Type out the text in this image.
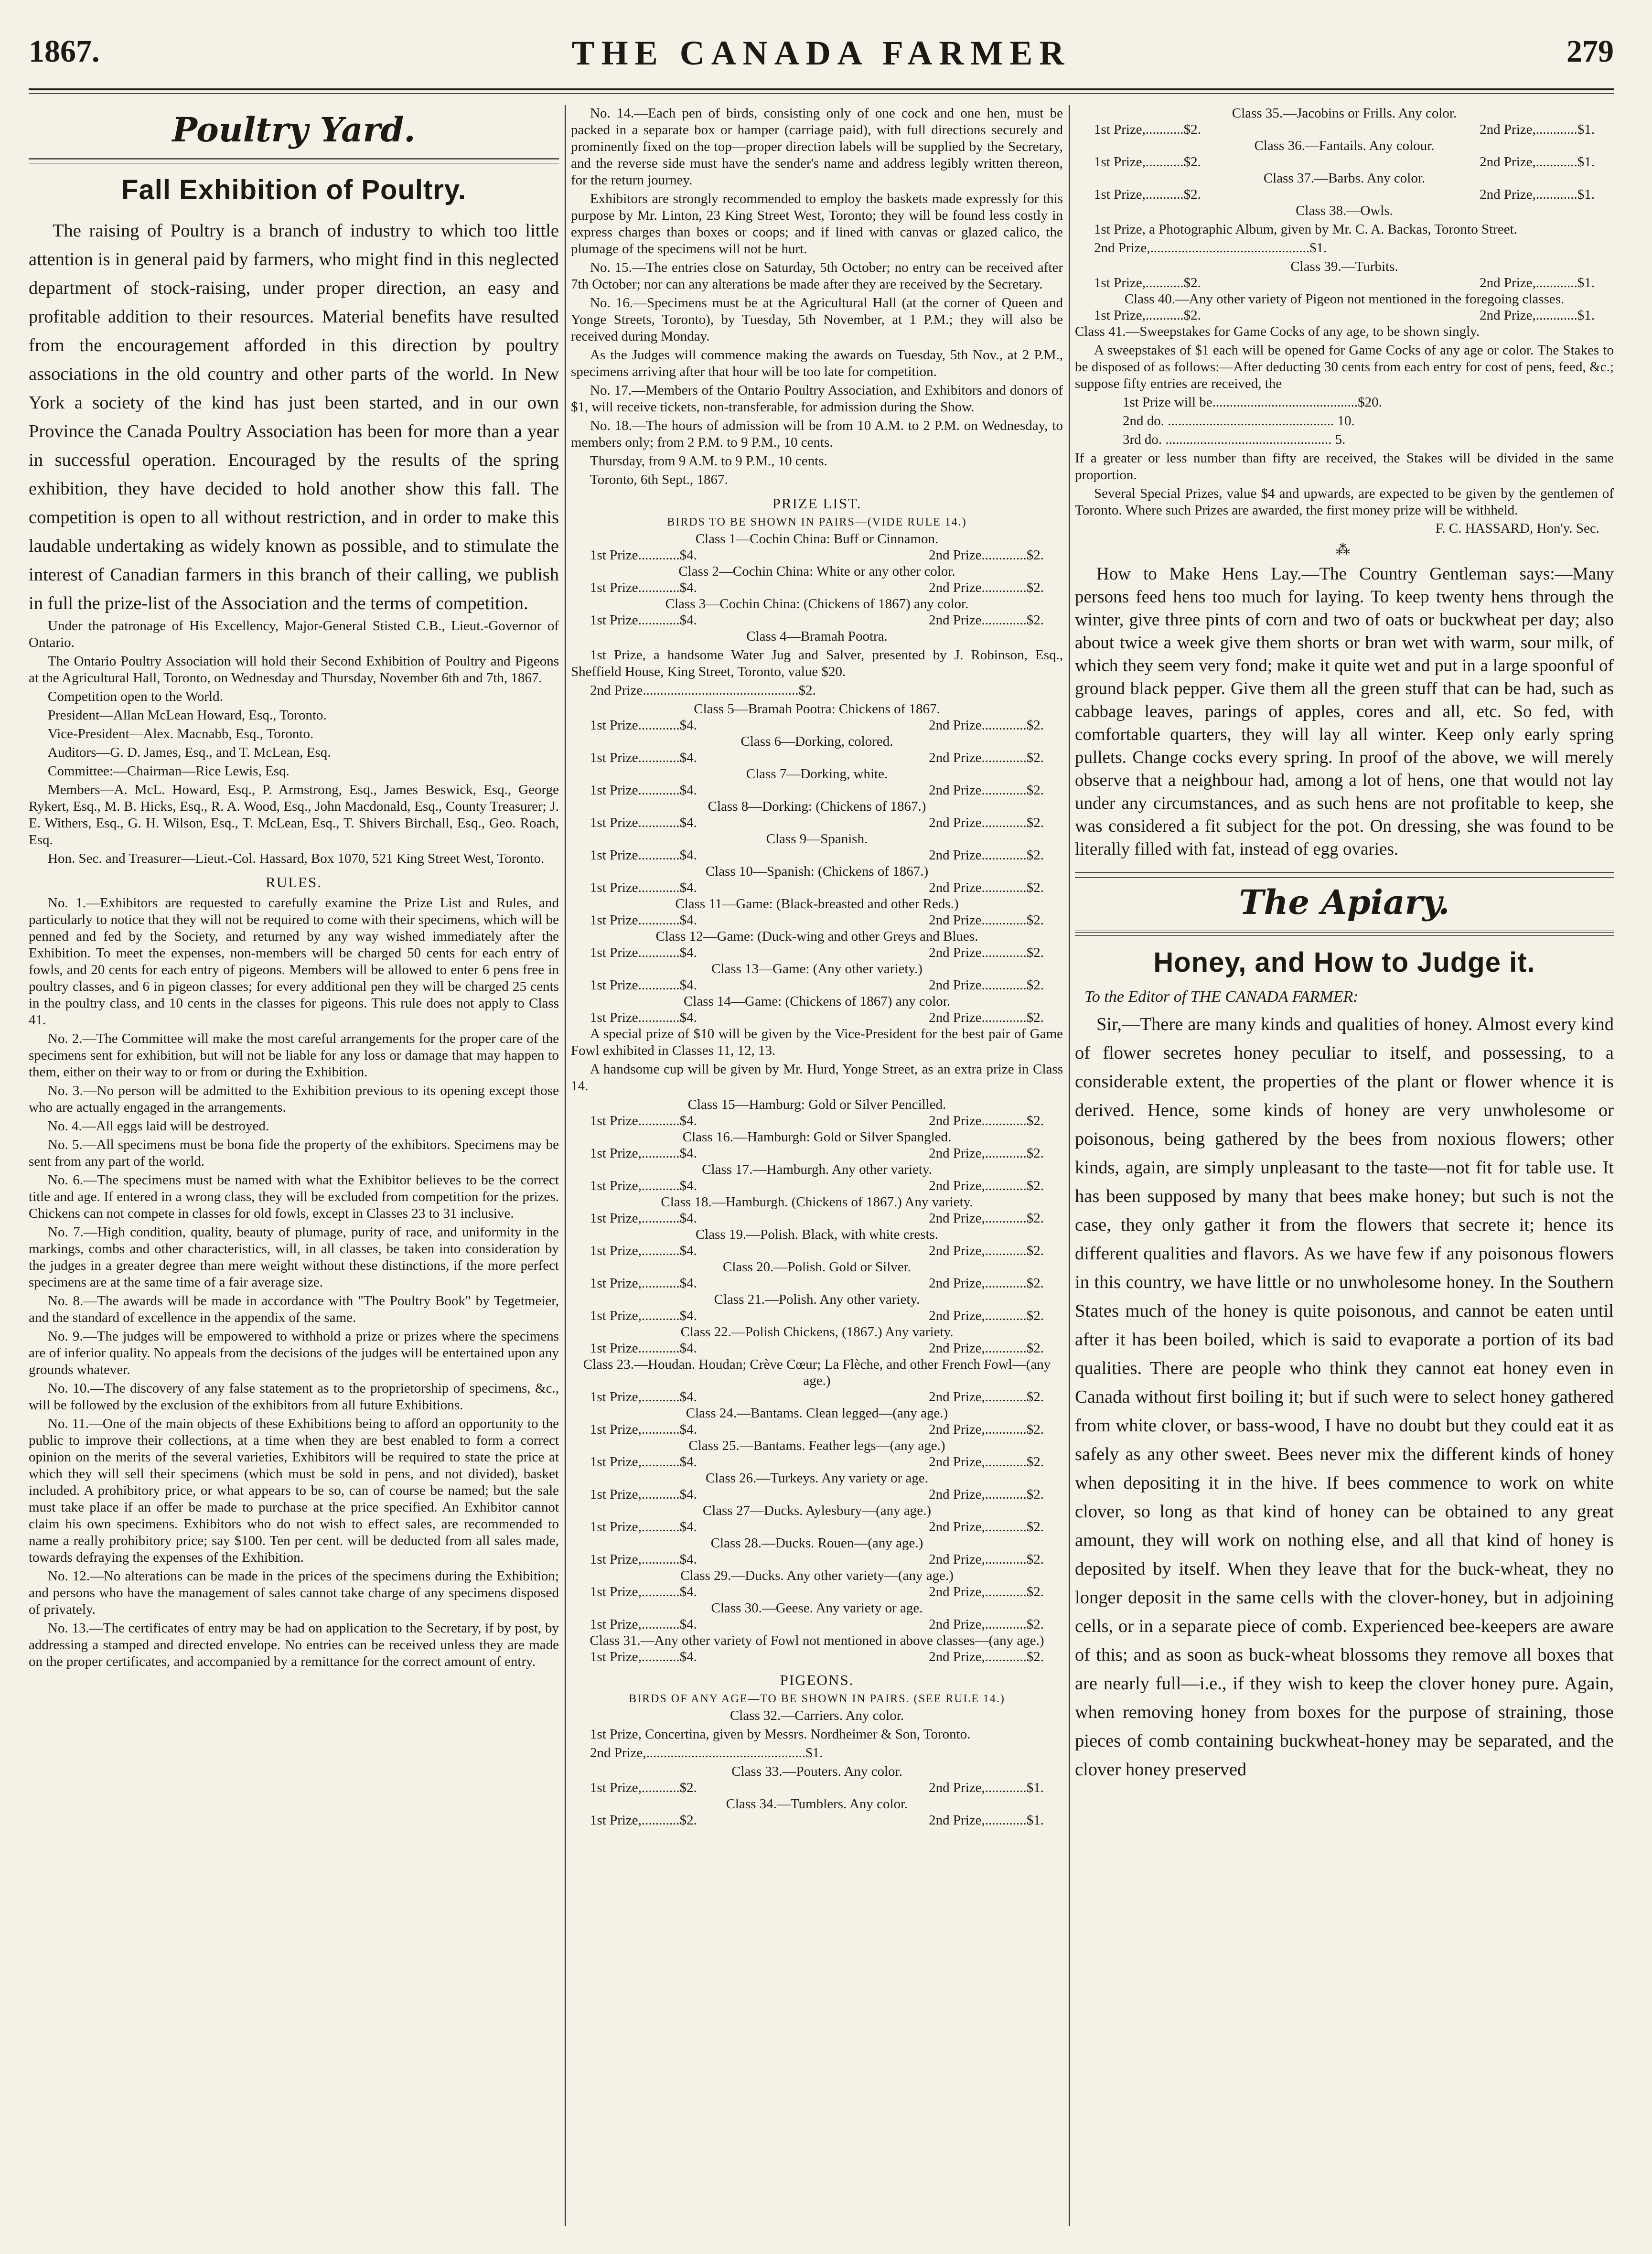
1867.	THE CANADA FARMER	279
Poultry Yard.
Fall Exhibition of Poultry.

The raising of Poultry is a branch of industry to which too little attention is in general paid by farmers, who might find in this neglected department of stock-raising, under proper direction, an easy and profitable addition to their resources. Material benefits have resulted from the encouragement afforded in this direction by poultry associations in the old country and other parts of the world. In New York a society of the kind has just been started, and in our own Province the Canada Poultry Association has been for more than a year in successful operation. Encouraged by the results of the spring exhibition, they have decided to hold another show this fall. The competition is open to all without restriction, and in order to make this laudable undertaking as widely known as possible, and to stimulate the interest of Canadian farmers in this branch of their calling, we publish in full the prize-list of the Association and the terms of competition.

Under the patronage of His Excellency, Major-General Stisted C.B., Lieut.-Governor of Ontario.

The Ontario Poultry Association will hold their Second Exhibition of Poultry and Pigeons at the Agricultural Hall, Toronto, on Wednesday and Thursday, November 6th and 7th, 1867.

Competition open to the World.

President—Allan McLean Howard, Esq., Toronto.

Vice-President—Alex. Macnabb, Esq., Toronto.

Auditors—G. D. James, Esq., and T. McLean, Esq.

Committee:—Chairman—Rice Lewis, Esq.

Members—A. McL. Howard, Esq., P. Armstrong, Esq., James Beswick, Esq., George Rykert, Esq., M. B. Hicks, Esq., R. A. Wood, Esq., John Macdonald, Esq., County Treasurer; J. E. Withers, Esq., G. H. Wilson, Esq., T. McLean, Esq., T. Shivers Birchall, Esq., Geo. Roach, Esq.

Hon. Sec. and Treasurer—Lieut.-Col. Hassard, Box 1070, 521 King Street West, Toronto.

RULES.

No. 1.—Exhibitors are requested to carefully examine the Prize List and Rules, and particularly to notice that they will not be required to come with their specimens, which will be penned and fed by the Society, and returned by any way wished immediately after the Exhibition. To meet the expenses, non-members will be charged 50 cents for each entry of fowls, and 20 cents for each entry of pigeons. Members will be allowed to enter 6 pens free in poultry classes, and 6 in pigeon classes; for every additional pen they will be charged 25 cents in the poultry class, and 10 cents in the classes for pigeons. This rule does not apply to Class 41.

No. 2.—The Committee will make the most careful arrangements for the proper care of the specimens sent for exhibition, but will not be liable for any loss or damage that may happen to them, either on their way to or from or during the Exhibition.

No. 3.—No person will be admitted to the Exhibition previous to its opening except those who are actually engaged in the arrangements.

No. 4.—All eggs laid will be destroyed.

No. 5.—All specimens must be bona fide the property of the exhibitors. Specimens may be sent from any part of the world.

No. 6.—The specimens must be named with what the Exhibitor believes to be the correct title and age. If entered in a wrong class, they will be excluded from competition for the prizes. Chickens can not compete in classes for old fowls, except in Classes 23 to 31 inclusive.

No. 7.—High condition, quality, beauty of plumage, purity of race, and uniformity in the markings, combs and other characteristics, will, in all classes, be taken into consideration by the judges in a greater degree than mere weight without these distinctions, if the more perfect specimens are at the same time of a fair average size.

No. 8.—The awards will be made in accordance with "The Poultry Book" by Tegetmeier, and the standard of excellence in the appendix of the same.

No. 9.—The judges will be empowered to withhold a prize or prizes where the specimens are of inferior quality. No appeals from the decisions of the judges will be entertained upon any grounds whatever.

No. 10.—The discovery of any false statement as to the proprietorship of specimens, &c., will be followed by the exclusion of the exhibitors from all future Exhibitions.

No. 11.—One of the main objects of these Exhibitions being to afford an opportunity to the public to improve their collections, at a time when they are best enabled to form a correct opinion on the merits of the several varieties, Exhibitors will be required to state the price at which they will sell their specimens (which must be sold in pens, and not divided), basket included. A prohibitory price, or what appears to be so, can of course be named; but the sale must take place if an offer be made to purchase at the price specified. An Exhibitor cannot claim his own specimens. Exhibitors who do not wish to effect sales, are recommended to name a really prohibitory price; say $100. Ten per cent. will be deducted from all sales made, towards defraying the expenses of the Exhibition.

No. 12.—No alterations can be made in the prices of the specimens during the Exhibition; and persons who have the management of sales cannot take charge of any specimens disposed of privately.

No. 13.—The certificates of entry may be had on application to the Secretary, if by post, by addressing a stamped and directed envelope. No entries can be received unless they are made on the proper certificates, and accompanied by a remittance for the correct amount of entry.

No. 14.—Each pen of birds, consisting only of one cock and one hen, must be packed in a separate box or hamper (carriage paid), with full directions securely and prominently fixed on the top—proper direction labels will be supplied by the Secretary, and the reverse side must have the sender's name and address legibly written thereon, for the return journey.

Exhibitors are strongly recommended to employ the baskets made expressly for this purpose by Mr. Linton, 23 King Street West, Toronto; they will be found less costly in express charges than boxes or coops; and if lined with canvas or glazed calico, the plumage of the specimens will not be hurt.

No. 15.—The entries close on Saturday, 5th October; no entry can be received after 7th October; nor can any alterations be made after they are received by the Secretary.

No. 16.—Specimens must be at the Agricultural Hall (at the corner of Queen and Yonge Streets, Toronto), by Tuesday, 5th November, at 1 P.M.; they will also be received during Monday.

As the Judges will commence making the awards on Tuesday, 5th Nov., at 2 P.M., specimens arriving after that hour will be too late for competition.

No. 17.—Members of the Ontario Poultry Association, and Exhibitors and donors of $1, will receive tickets, non-transferable, for admission during the Show.

No. 18.—The hours of admission will be from 10 A.M. to 2 P.M. on Wednesday, to members only; from 2 P.M. to 9 P.M., 10 cents.

Thursday, from 9 A.M. to 9 P.M., 10 cents.

Toronto, 6th Sept., 1867.

PRIZE LIST.
BIRDS TO BE SHOWN IN PAIRS—(VIDE RULE 14.)
Class 1—Cochin China: Buff or Cinnamon.
1st Prize............$4.	2nd Prize.............$2.
Class 2—Cochin China: White or any other color.
1st Prize............$4.	2nd Prize.............$2.
Class 3—Cochin China: (Chickens of 1867) any color.
1st Prize............$4.	2nd Prize.............$2.

Class 4—Bramah Pootra.

1st Prize, a handsome Water Jug and Salver, presented by J. Robinson, Esq., Sheffield House, King Street, Toronto, value $20.

2nd Prize.............................................$2.

Class 5—Bramah Pootra: Chickens of 1867.
1st Prize............$4.	2nd Prize.............$2.
Class 6—Dorking, colored.
1st Prize............$4.	2nd Prize.............$2.
Class 7—Dorking, white.
1st Prize............$4.	2nd Prize.............$2.
Class 8—Dorking: (Chickens of 1867.)
1st Prize............$4.	2nd Prize.............$2.
Class 9—Spanish.
1st Prize............$4.	2nd Prize.............$2.
Class 10—Spanish: (Chickens of 1867.)
1st Prize............$4.	2nd Prize.............$2.
Class 11—Game: (Black-breasted and other Reds.)
1st Prize............$4.	2nd Prize.............$2.
Class 12—Game: (Duck-wing and other Greys and Blues.
1st Prize............$4.	2nd Prize.............$2.
Class 13—Game: (Any other variety.)
1st Prize............$4.	2nd Prize.............$2.
Class 14—Game: (Chickens of 1867) any color.
1st Prize............$4.	2nd Prize.............$2.

A special prize of $10 will be given by the Vice-President for the best pair of Game Fowl exhibited in Classes 11, 12, 13.

A handsome cup will be given by Mr. Hurd, Yonge Street, as an extra prize in Class 14.

Class 15—Hamburg: Gold or Silver Pencilled.
1st Prize............$4.	2nd Prize.............$2.
Class 16.—Hamburgh: Gold or Silver Spangled.
1st Prize,...........$4.	2nd Prize,............$2.
Class 17.—Hamburgh. Any other variety.
1st Prize,...........$4.	2nd Prize,............$2.
Class 18.—Hamburgh. (Chickens of 1867.) Any variety.
1st Prize,...........$4.	2nd Prize,............$2.
Class 19.—Polish. Black, with white crests.
1st Prize,...........$4.	2nd Prize,............$2.
Class 20.—Polish. Gold or Silver.
1st Prize,...........$4.	2nd Prize,............$2.
Class 21.—Polish. Any other variety.
1st Prize,...........$4.	2nd Prize,............$2.
Class 22.—Polish Chickens, (1867.) Any variety.
1st Prize............$4.	2nd Prize,............$2.
Class 23.—Houdan. Houdan; Crève Cœur; La Flèche, and other French Fowl—(any age.)
1st Prize,...........$4.	2nd Prize,............$2.
Class 24.—Bantams. Clean legged—(any age.)
1st Prize,...........$4.	2nd Prize,............$2.
Class 25.—Bantams. Feather legs—(any age.)
1st Prize,...........$4.	2nd Prize,............$2.
Class 26.—Turkeys. Any variety or age.
1st Prize,...........$4.	2nd Prize,............$2.
Class 27—Ducks. Aylesbury—(any age.)
1st Prize,...........$4.	2nd Prize,............$2.
Class 28.—Ducks. Rouen—(any age.)
1st Prize,...........$4.	2nd Prize,............$2.
Class 29.—Ducks. Any other variety—(any age.)
1st Prize,...........$4.	2nd Prize,............$2.
Class 30.—Geese. Any variety or age.
1st Prize,...........$4.	2nd Prize,............$2.
Class 31.—Any other variety of Fowl not mentioned in above classes—(any age.)
1st Prize,...........$4.	2nd Prize,............$2.
PIGEONS.
BIRDS OF ANY AGE—TO BE SHOWN IN PAIRS. (SEE RULE 14.)

Class 32.—Carriers. Any color.

1st Prize, Concertina, given by Messrs. Nordheimer & Son, Toronto.

2nd Prize,..............................................$1.

Class 33.—Pouters. Any color.
1st Prize,...........$2.	2nd Prize,............$1.
Class 34.—Tumblers. Any color.
1st Prize,...........$2.	2nd Prize,............$1.
Class 35.—Jacobins or Frills. Any color.
1st Prize,...........$2.	2nd Prize,............$1.
Class 36.—Fantails. Any colour.
1st Prize,...........$2.	2nd Prize,............$1.
Class 37.—Barbs. Any color.
1st Prize,...........$2.	2nd Prize,............$1.

Class 38.—Owls.

1st Prize, a Photographic Album, given by Mr. C. A. Backas, Toronto Street.

2nd Prize,..............................................$1.

Class 39.—Turbits.
1st Prize,...........$2.	2nd Prize,............$1.
Class 40.—Any other variety of Pigeon not mentioned in the foregoing classes.
1st Prize,...........$2.	2nd Prize,............$1.

Class 41.—Sweepstakes for Game Cocks of any age, to be shown singly.

A sweepstakes of $1 each will be opened for Game Cocks of any age or color. The Stakes to be disposed of as follows:—After deducting 30 cents from each entry for cost of pens, feed, &c.; suppose fifty entries are received, the

1st Prize will be..........................................$20.

2nd do. ................................................ 10.

3rd do. ................................................ 5.

If a greater or less number than fifty are received, the Stakes will be divided in the same proportion.

Several Special Prizes, value $4 and upwards, are expected to be given by the gentlemen of Toronto. Where such Prizes are awarded, the first money prize will be withheld.

F. C. HASSARD, Hon'y. Sec.
⁂

How to Make Hens Lay.—The Country Gentleman says:—Many persons feed hens too much for laying. To keep twenty hens through the winter, give three pints of corn and two of oats or buckwheat per day; also about twice a week give them shorts or bran wet with warm, sour milk, of which they seem very fond; make it quite wet and put in a large spoonful of ground black pepper. Give them all the green stuff that can be had, such as cabbage leaves, parings of apples, cores and all, etc. So fed, with comfortable quarters, they will lay all winter. Keep only early spring pullets. Change cocks every spring. In proof of the above, we will merely observe that a neighbour had, among a lot of hens, one that would not lay under any circumstances, and as such hens are not profitable to keep, she was considered a fit subject for the pot. On dressing, she was found to be literally filled with fat, instead of egg ovaries.

The Apiary.
Honey, and How to Judge it.
To the Editor of THE CANADA FARMER:

Sir,—There are many kinds and qualities of honey. Almost every kind of flower secretes honey peculiar to itself, and possessing, to a considerable extent, the properties of the plant or flower whence it is derived. Hence, some kinds of honey are very unwholesome or poisonous, being gathered by the bees from noxious flowers; other kinds, again, are simply unpleasant to the taste—not fit for table use. It has been supposed by many that bees make honey; but such is not the case, they only gather it from the flowers that secrete it; hence its different qualities and flavors. As we have few if any poisonous flowers in this country, we have little or no unwholesome honey. In the Southern States much of the honey is quite poisonous, and cannot be eaten until after it has been boiled, which is said to evaporate a portion of its bad qualities. There are people who think they cannot eat honey even in Canada without first boiling it; but if such were to select honey gathered from white clover, or bass-wood, I have no doubt but they could eat it as safely as any other sweet. Bees never mix the different kinds of honey when depositing it in the hive. If bees commence to work on white clover, so long as that kind of honey can be obtained to any great amount, they will work on nothing else, and all that kind of honey is deposited by itself. When they leave that for the buck-wheat, they no longer deposit in the same cells with the clover-honey, but in adjoining cells, or in a separate piece of comb. Experienced bee-keepers are aware of this; and as soon as buck-wheat blossoms they remove all boxes that are nearly full—i.e., if they wish to keep the clover honey pure. Again, when removing honey from boxes for the purpose of straining, those pieces of comb containing buckwheat-honey may be separated, and the clover honey preserved
